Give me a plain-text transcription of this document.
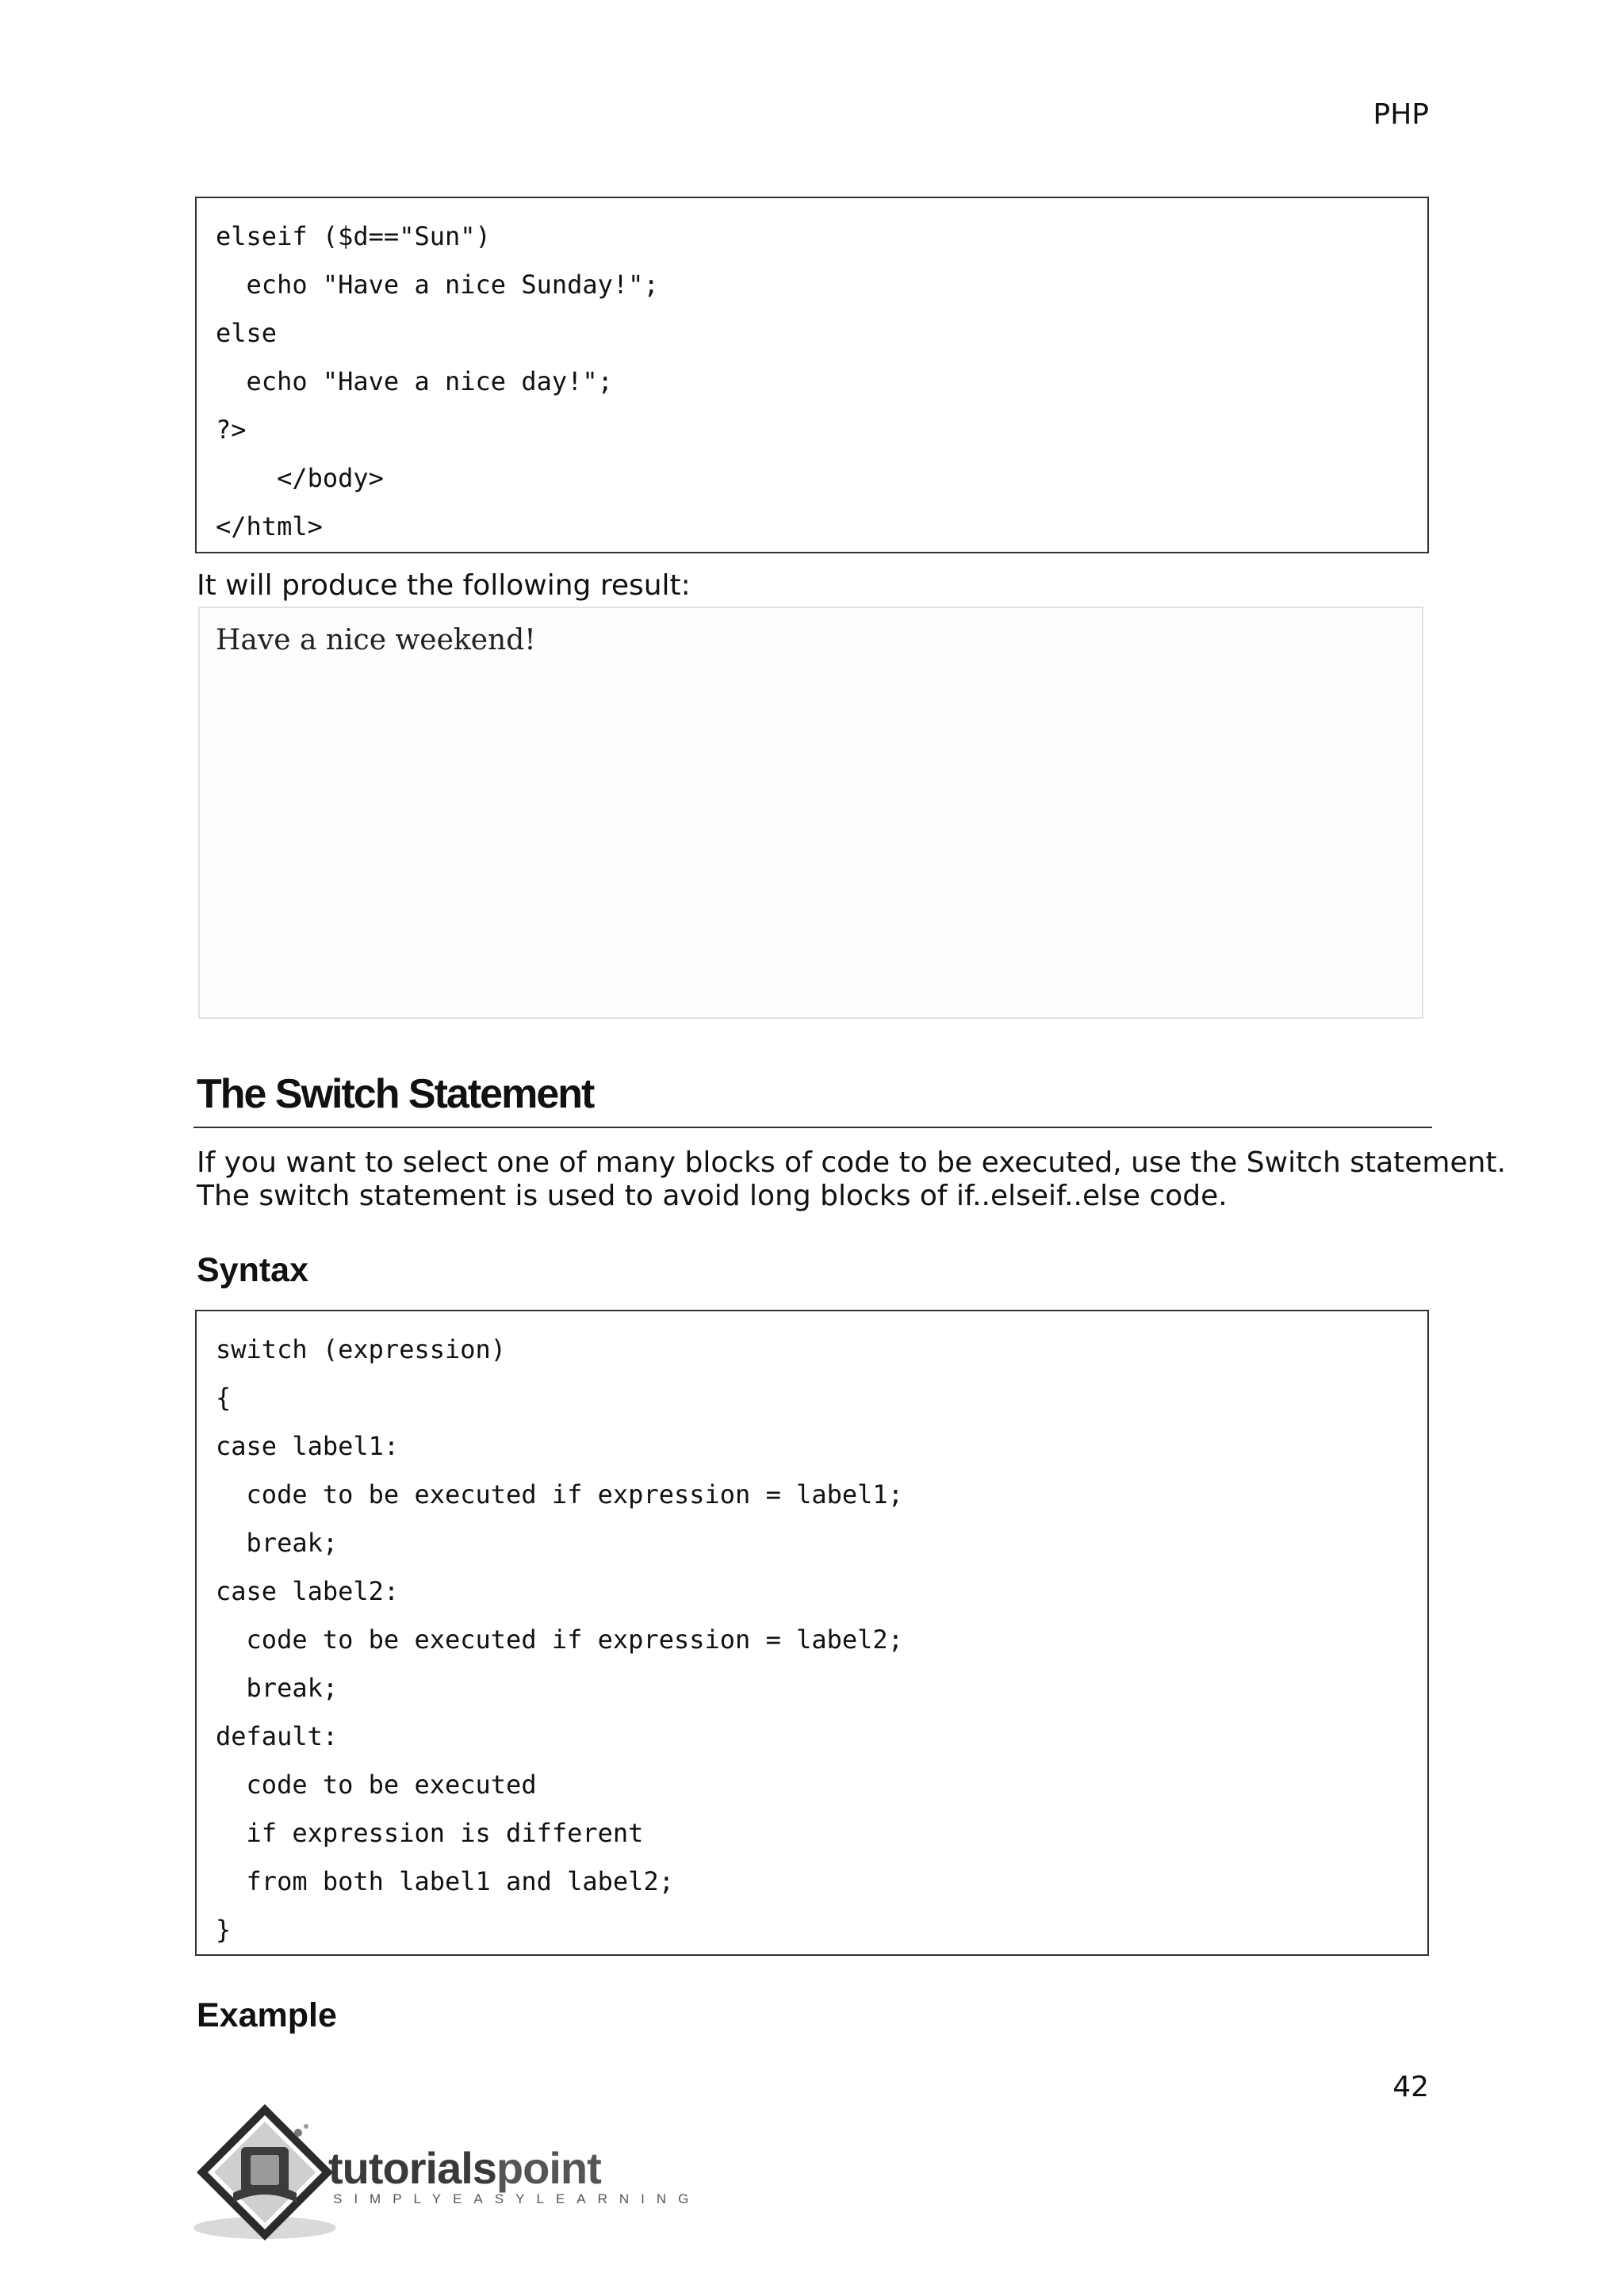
PHP
elseif ($d=="Sun")
echo "Have a nice Sunday!";
else
echo "Have a nice day!";
?>
</body>
</html>
It will produce the following result:
Have a nice weekend!
The Switch Statement
If you want to select one of many blocks of code to be executed, use the Switch statement.
The switch statement is used to avoid long blocks of if..elseif..else code.
Syntax
switch (expression)
{
case label1:
code to be executed if expression = label1;
break;
case label2:
code to be executed if expression = label2;
break;
default:
code to be executed
if expression is different
from both label1 and label2;
}
Example
42
tutorialspoint
SIMPLYEASYLEARNING
